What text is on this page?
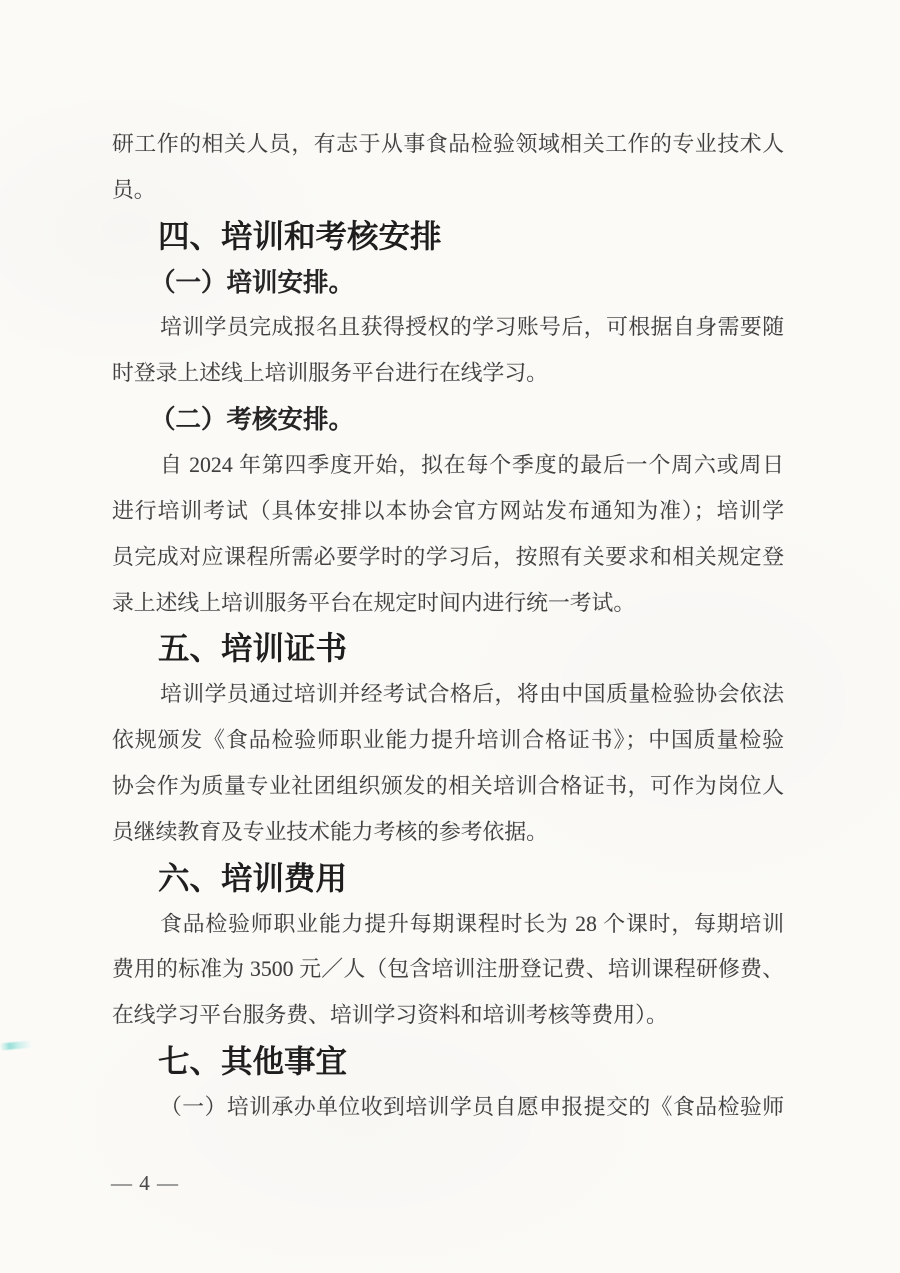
研工作的相关人员，有志于从事食品检验领域相关工作的专业技术人
员。
四、培训和考核安排
（一）培训安排。
培训学员完成报名且获得授权的学习账号后，可根据自身需要随
时登录上述线上培训服务平台进行在线学习。
（二）考核安排。
自 2024 年第四季度开始，拟在每个季度的最后一个周六或周日
进行培训考试（具体安排以本协会官方网站发布通知为准）；培训学
员完成对应课程所需必要学时的学习后，按照有关要求和相关规定登
录上述线上培训服务平台在规定时间内进行统一考试。
五、培训证书
培训学员通过培训并经考试合格后，将由中国质量检验协会依法
依规颁发《食品检验师职业能力提升培训合格证书》；中国质量检验
协会作为质量专业社团组织颁发的相关培训合格证书，可作为岗位人
员继续教育及专业技术能力考核的参考依据。
六、培训费用
食品检验师职业能力提升每期课程时长为 28 个课时，每期培训
费用的标准为 3500 元／人（包含培训注册登记费、培训课程研修费、
在线学习平台服务费、培训学习资料和培训考核等费用）。
七、其他事宜
（一）培训承办单位收到培训学员自愿申报提交的《食品检验师
— 4 —
